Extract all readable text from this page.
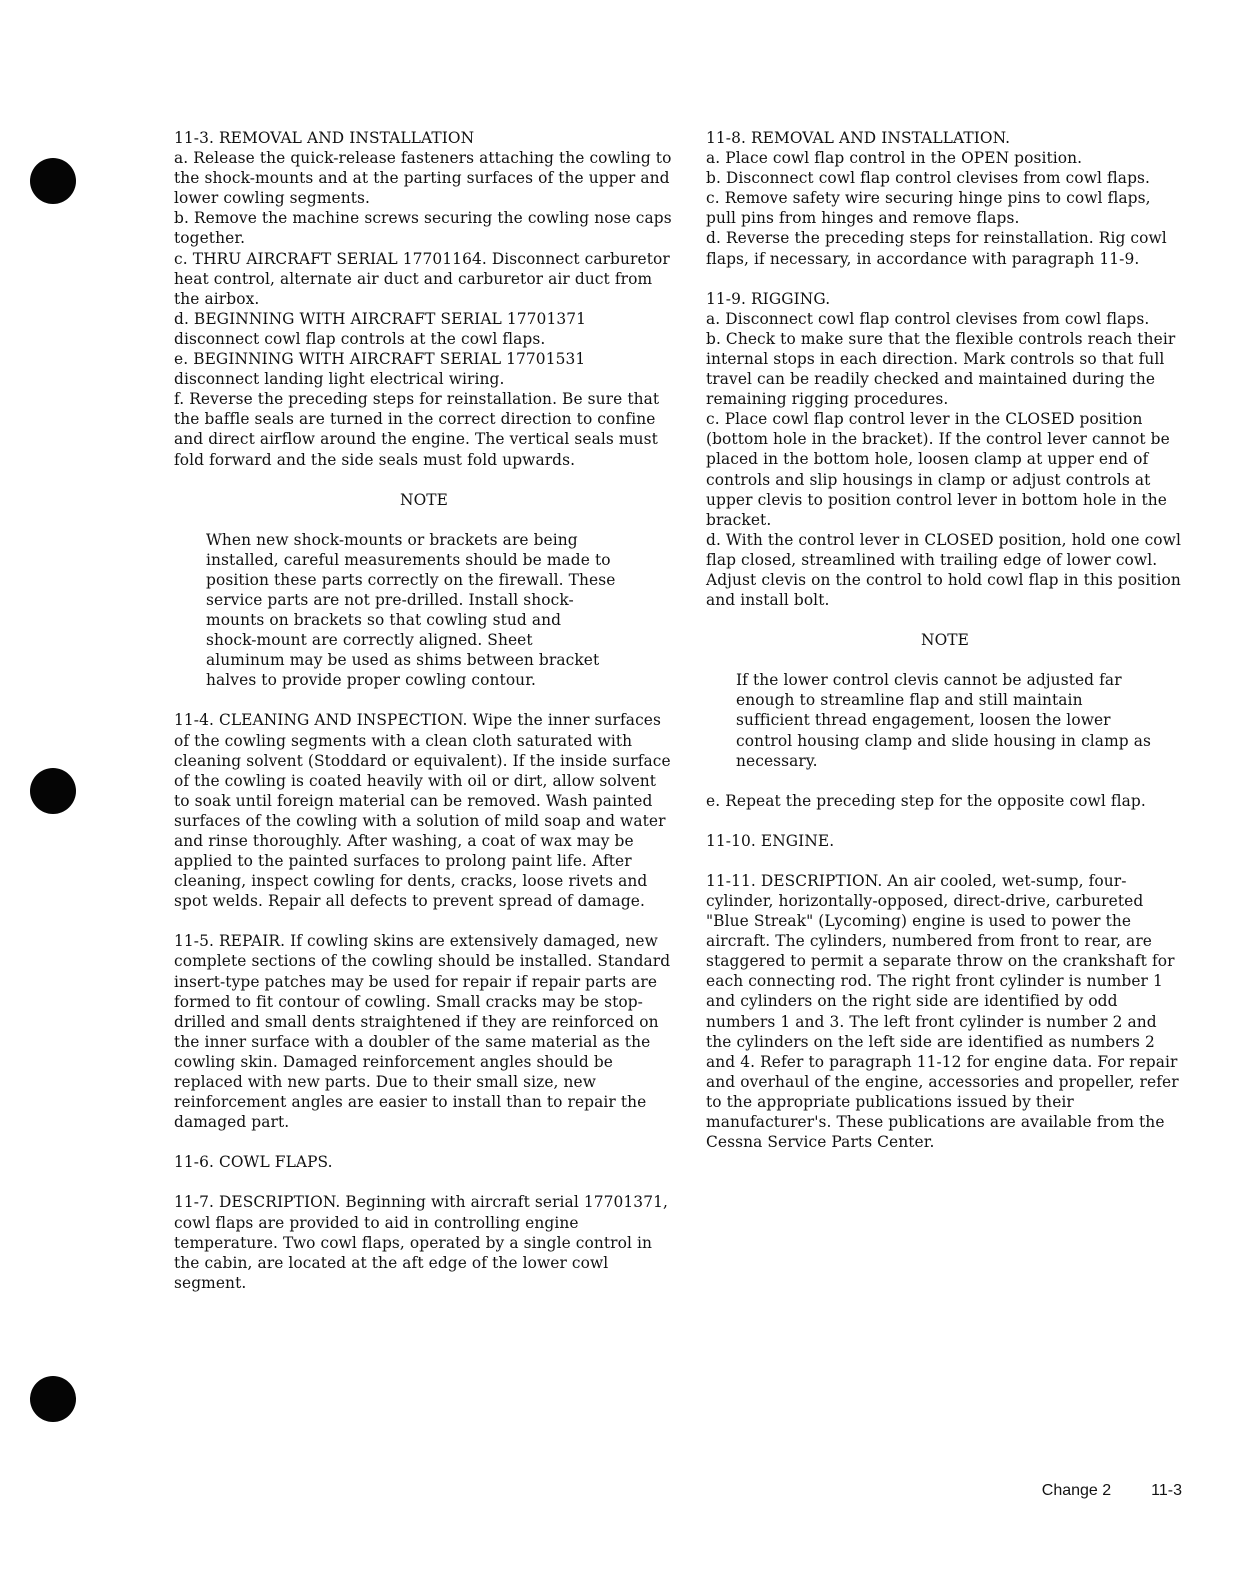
11-3. REMOVAL AND INSTALLATION

a. Release the quick-release fasteners attaching the cowling to the shock-mounts and at the parting surfaces of the upper and lower cowling segments.

b. Remove the machine screws securing the cowling nose caps together.

c. THRU AIRCRAFT SERIAL 17701164. Disconnect carburetor heat control, alternate air duct and carburetor air duct from the airbox.

d. BEGINNING WITH AIRCRAFT SERIAL 17701371 disconnect cowl flap controls at the cowl flaps.

e. BEGINNING WITH AIRCRAFT SERIAL 17701531 disconnect landing light electrical wiring.

f. Reverse the preceding steps for reinstallation. Be sure that the baffle seals are turned in the correct direction to confine and direct airflow around the engine. The vertical seals must fold forward and the side seals must fold upwards.

NOTE

When new shock-mounts or brackets are being installed, careful measurements should be made to position these parts correctly on the firewall. These service parts are not pre-drilled. Install shock-mounts on brackets so that cowling stud and shock-mount are correctly aligned. Sheet aluminum may be used as shims between bracket halves to provide proper cowling contour.

11-4. CLEANING AND INSPECTION. Wipe the inner surfaces of the cowling segments with a clean cloth saturated with cleaning solvent (Stoddard or equivalent). If the inside surface of the cowling is coated heavily with oil or dirt, allow solvent to soak until foreign material can be removed. Wash painted surfaces of the cowling with a solution of mild soap and water and rinse thoroughly. After washing, a coat of wax may be applied to the painted surfaces to prolong paint life. After cleaning, inspect cowling for dents, cracks, loose rivets and spot welds. Repair all defects to prevent spread of damage.

11-5. REPAIR. If cowling skins are extensively damaged, new complete sections of the cowling should be installed. Standard insert-type patches may be used for repair if repair parts are formed to fit contour of cowling. Small cracks may be stop-drilled and small dents straightened if they are reinforced on the inner surface with a doubler of the same material as the cowling skin. Damaged reinforcement angles should be replaced with new parts. Due to their small size, new reinforcement angles are easier to install than to repair the damaged part.

11-6. COWL FLAPS.

11-7. DESCRIPTION. Beginning with aircraft serial 17701371, cowl flaps are provided to aid in controlling engine temperature. Two cowl flaps, operated by a single control in the cabin, are located at the aft edge of the lower cowl segment.

11-8. REMOVAL AND INSTALLATION.

a. Place cowl flap control in the OPEN position.

b. Disconnect cowl flap control clevises from cowl flaps.

c. Remove safety wire securing hinge pins to cowl flaps, pull pins from hinges and remove flaps.

d. Reverse the preceding steps for reinstallation. Rig cowl flaps, if necessary, in accordance with paragraph 11-9.

11-9. RIGGING.

a. Disconnect cowl flap control clevises from cowl flaps.

b. Check to make sure that the flexible controls reach their internal stops in each direction. Mark controls so that full travel can be readily checked and maintained during the remaining rigging procedures.

c. Place cowl flap control lever in the CLOSED position (bottom hole in the bracket). If the control lever cannot be placed in the bottom hole, loosen clamp at upper end of controls and slip housings in clamp or adjust controls at upper clevis to position control lever in bottom hole in the bracket.

d. With the control lever in CLOSED position, hold one cowl flap closed, streamlined with trailing edge of lower cowl. Adjust clevis on the control to hold cowl flap in this position and install bolt.

NOTE

If the lower control clevis cannot be adjusted far enough to streamline flap and still maintain sufficient thread engagement, loosen the lower control housing clamp and slide housing in clamp as necessary.

e. Repeat the preceding step for the opposite cowl flap.

11-10. ENGINE.

11-11. DESCRIPTION. An air cooled, wet-sump, four-cylinder, horizontally-opposed, direct-drive, carbureted "Blue Streak" (Lycoming) engine is used to power the aircraft. The cylinders, numbered from front to rear, are staggered to permit a separate throw on the crankshaft for each connecting rod. The right front cylinder is number 1 and cylinders on the right side are identified by odd numbers 1 and 3. The left front cylinder is number 2 and the cylinders on the left side are identified as numbers 2 and 4. Refer to paragraph 11-12 for engine data. For repair and overhaul of the engine, accessories and propeller, refer to the appropriate publications issued by their manufacturer's. These publications are available from the Cessna Service Parts Center.

Change 2	11-3
